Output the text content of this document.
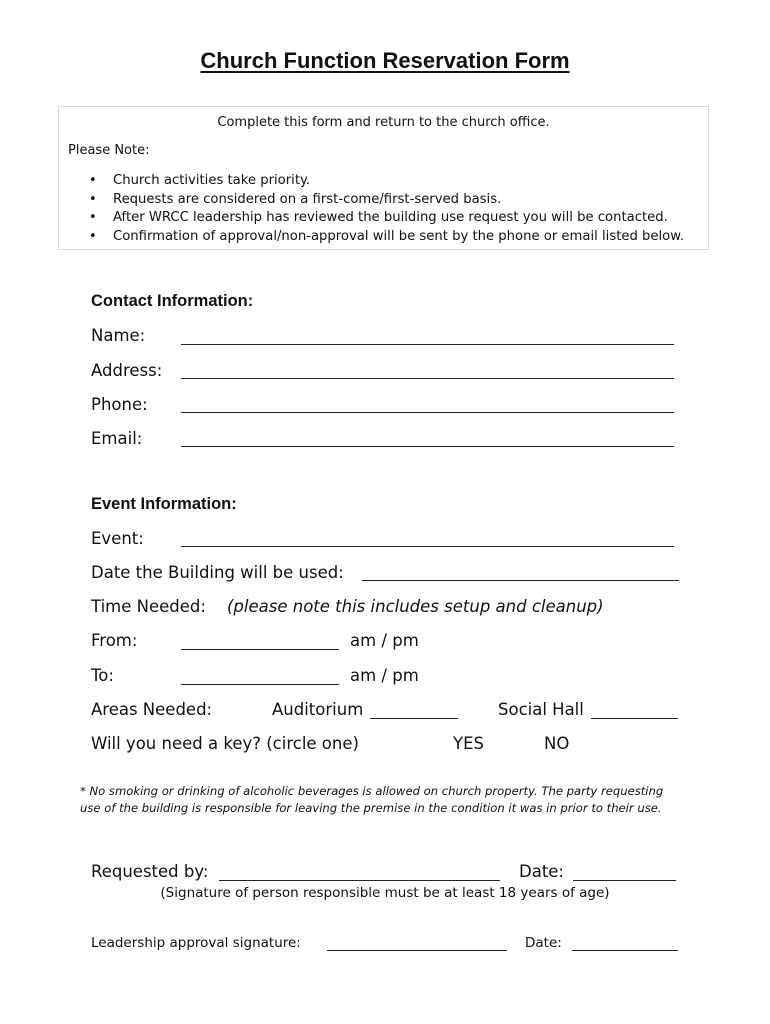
Church Function Reservation Form
Complete this form and return to the church office.
Please Note:
• Church activities take priority.
• Requests are considered on a first-come/first-served basis.
• After WRCC leadership has reviewed the building use request you will be contacted.
• Confirmation of approval/non-approval will be sent by the phone or email listed below.
Contact Information:
Name:
Address:
Phone:
Email:
Event Information:
Event:
Date the Building will be used:
Time Needed: (please note this includes setup and cleanup)
From:	am / pm
To:	am / pm
Areas Needed:	Auditorium	Social Hall
Will you need a key? (circle one)	YES	NO
* No smoking or drinking of alcoholic beverages is allowed on church property. The party requesting
use of the building is responsible for leaving the premise in the condition it was in prior to their use.
Requested by:	Date:
(Signature of person responsible must be at least 18 years of age)
Leadership approval signature:	Date:
